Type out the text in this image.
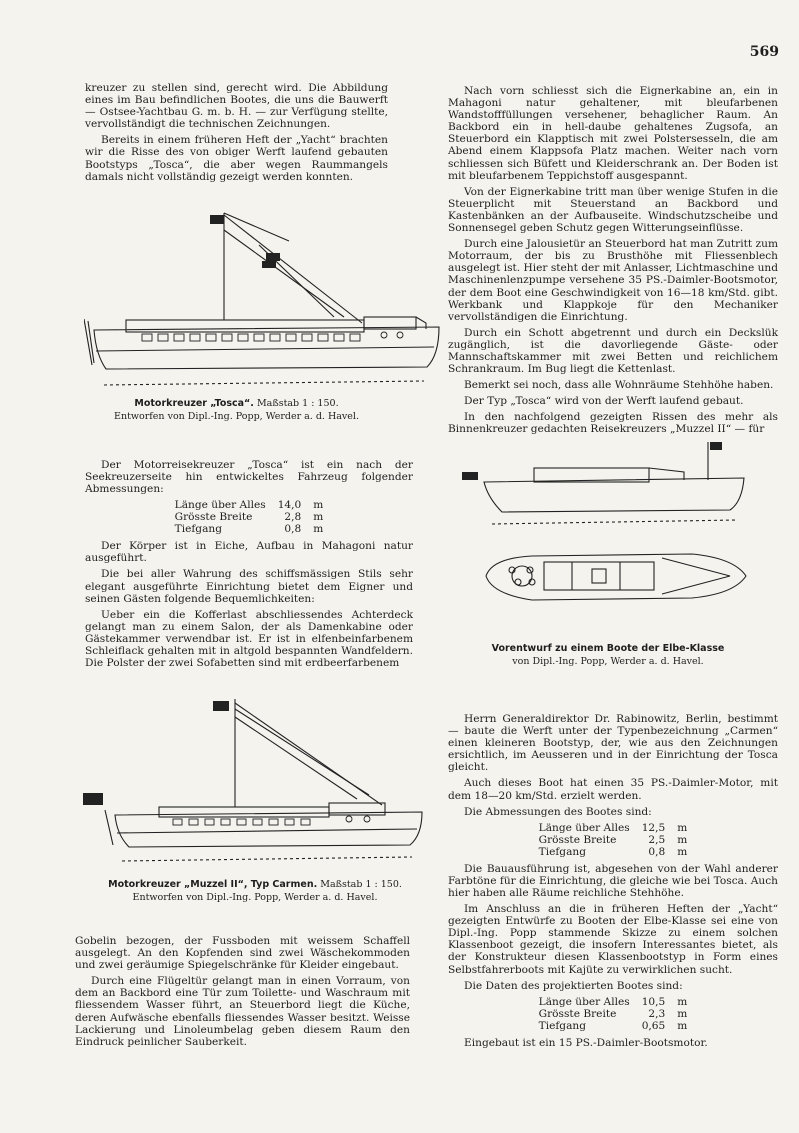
569

kreuzer zu stellen sind, gerecht wird. Die Abbildung eines im Bau befindlichen Bootes, die uns die Bauwerft — Ostsee-Yachtbau G. m. b. H. — zur Verfügung stellte, vervollständigt die technischen Zeichnungen.

Bereits in einem früheren Heft der „Yacht“ brachten wir die Risse des von obiger Werft laufend gebauten Bootstyps „Tosca“, die aber wegen Raummangels damals nicht vollständig gezeigt werden konnten.

Motorkreuzer „Tosca“. Maßstab 1 : 150.
Entworfen von Dipl.-Ing. Popp, Werder a. d. Havel.

Der Motorreisekreuzer „Tosca“ ist ein nach der Seekreuzerseite hin entwickeltes Fahrzeug folgender Abmessungen:

Länge über Alles	14,0	m
Grösste Breite	2,8	m
Tiefgang	0,8	m

Der Körper ist in Eiche, Aufbau in Mahagoni natur ausgeführt.

Die bei aller Wahrung des schiffsmässigen Stils sehr elegant ausgeführte Einrichtung bietet dem Eigner und seinen Gästen folgende Bequemlichkeiten:

Ueber ein die Kofferlast abschliessendes Achterdeck gelangt man zu einem Salon, der als Damenkabine oder Gästekammer verwendbar ist. Er ist in elfenbeinfarbenem Schleiflack gehalten mit in altgold bespannten Wandfeldern. Die Polster der zwei Sofabetten sind mit erdbeerfarbenem

Motorkreuzer „Muzzel II“, Typ Carmen. Maßstab 1 : 150.
Entworfen von Dipl.-Ing. Popp, Werder a. d. Havel.

Gobelin bezogen, der Fussboden mit weissem Schaffell ausgelegt. An den Kopfenden sind zwei Wäschekommoden und zwei geräumige Spiegelschränke für Kleider eingebaut.

Durch eine Flügeltür gelangt man in einen Vorraum, von dem an Backbord eine Tür zum Toilette- und Waschraum mit fliessendem Wasser führt, an Steuerbord liegt die Küche, deren Aufwäsche ebenfalls fliessendes Wasser besitzt. Weisse Lackierung und Linoleumbelag geben diesem Raum den Eindruck peinlicher Sauberkeit.

Nach vorn schliesst sich die Eignerkabine an, ein in Mahagoni natur gehaltener, mit bleufarbenen Wandstofffüllungen versehener, behaglicher Raum. An Backbord ein in hell-daube gehaltenes Zugsofa, an Steuerbord ein Klapptisch mit zwei Polstersesseln, die am Abend einem Klappsofa Platz machen. Weiter nach vorn schliessen sich Büfett und Kleiderschrank an. Der Boden ist mit bleufarbenem Teppichstoff ausgespannt.

Von der Eignerkabine tritt man über wenige Stufen in die Steuerplicht mit Steuerstand an Backbord und Kastenbänken an der Aufbauseite. Windschutzscheibe und Sonnensegel geben Schutz gegen Witterungseinflüsse.

Durch eine Jalousietür an Steuerbord hat man Zutritt zum Motorraum, der bis zu Brusthöhe mit Fliessenblech ausgelegt ist. Hier steht der mit Anlasser, Lichtmaschine und Maschinenlenzpumpe versehene 35 PS.-Daimler-Bootsmotor, der dem Boot eine Geschwindigkeit von 16—18 km/Std. gibt. Werkbank und Klappkoje für den Mechaniker vervollständigen die Einrichtung.

Durch ein Schott abgetrennt und durch ein Deckslük zugänglich, ist die davorliegende Gäste- oder Mannschaftskammer mit zwei Betten und reichlichem Schrankraum. Im Bug liegt die Kettenlast.

Bemerkt sei noch, dass alle Wohnräume Stehhöhe haben.

Der Typ „Tosca“ wird von der Werft laufend gebaut.

In den nachfolgend gezeigten Rissen des mehr als Binnenkreuzer gedachten Reisekreuzers „Muzzel II“ — für

Vorentwurf zu einem Boote der Elbe-Klasse
von Dipl.-Ing. Popp, Werder a. d. Havel.

Herrn Generaldirektor Dr. Rabinowitz, Berlin, bestimmt — baute die Werft unter der Typenbezeichnung „Carmen“ einen kleineren Bootstyp, der, wie aus den Zeichnungen ersichtlich, im Aeusseren und in der Einrichtung der Tosca gleicht.

Auch dieses Boot hat einen 35 PS.-Daimler-Motor, mit dem 18—20 km/Std. erzielt werden.

Die Abmessungen des Bootes sind:

Länge über Alles	12,5	m
Grösste Breite	2,5	m
Tiefgang	0,8	m

Die Bauausführung ist, abgesehen von der Wahl anderer Farbtöne für die Einrichtung, die gleiche wie bei Tosca. Auch hier haben alle Räume reichliche Stehhöhe.

Im Anschluss an die in früheren Heften der „Yacht“ gezeigten Entwürfe zu Booten der Elbe-Klasse sei eine von Dipl.-Ing. Popp stammende Skizze zu einem solchen Klassenboot gezeigt, die insofern Interessantes bietet, als der Konstrukteur diesen Klassenbootstyp in Form eines Selbstfahrerboots mit Kajüte zu verwirklichen sucht.

Die Daten des projektierten Bootes sind:

Länge über Alles	10,5	m
Grösste Breite	2,3	m
Tiefgang	0,65	m

Eingebaut ist ein 15 PS.-Daimler-Bootsmotor.
